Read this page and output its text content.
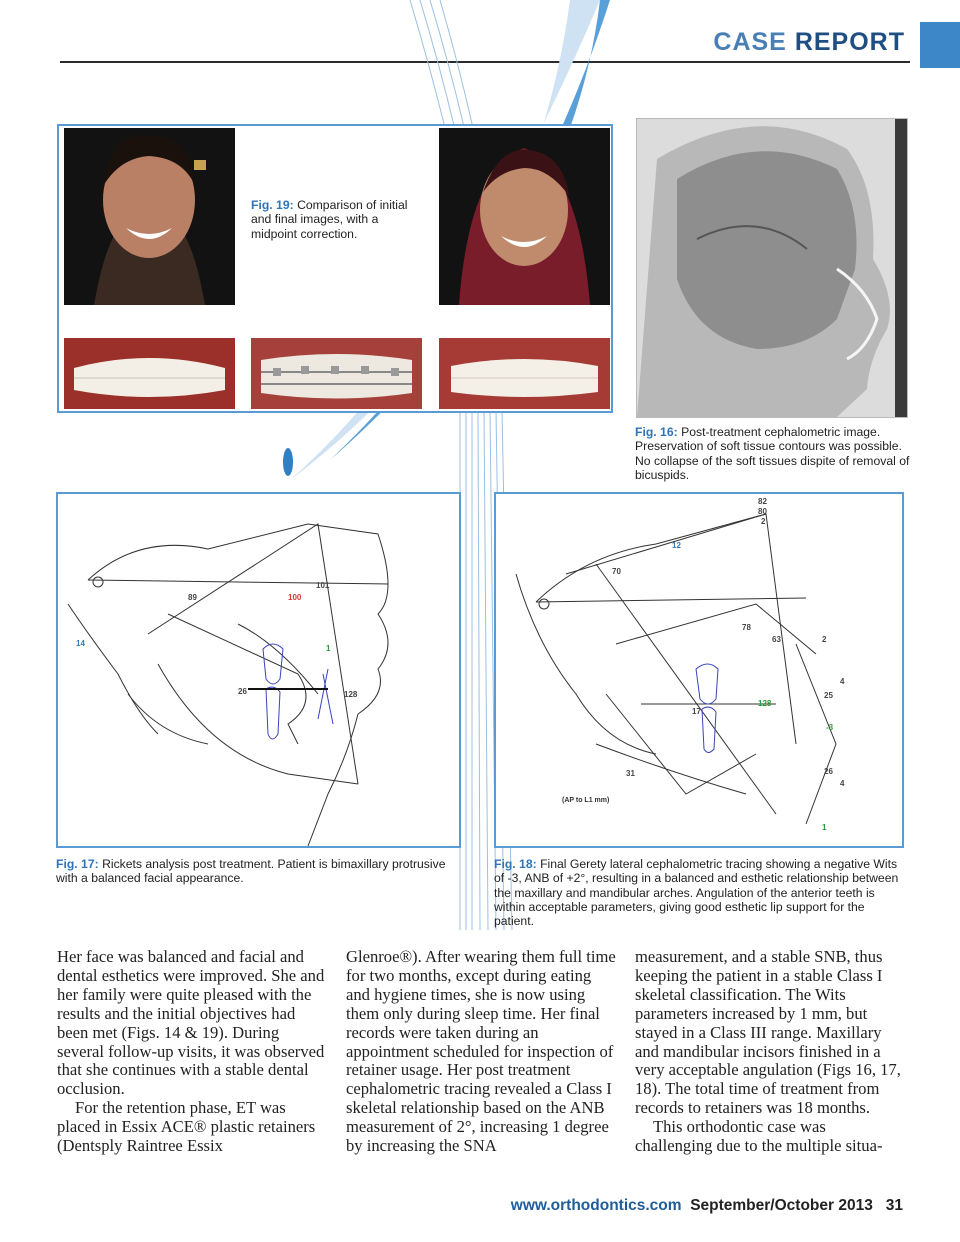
CASE REPORT
Fig. 19: Comparison of initial and final images, with a midpoint correction.
Fig. 16: Post-treatment cephalometric image. Preservation of soft tissue contours was possible. No collapse of the soft tissues dispite of removal of bicuspids.
89	100
101
14
26	128
1
Fig. 17: Rickets analysis post treatment. Patient is bimaxillary protrusive with a balanced facial appearance.
82
80
2
12
70
78
63	2
4
25
17
128
-3
26
31
4
1
(AP to L1 mm)
Fig. 18: Final Gerety lateral cephalometric tracing showing a negative Wits of -3, ANB of +2°, resulting in a balanced and esthetic relationship between the maxillary and mandibular arches. Angulation of the anterior teeth is within acceptable parameters, giving good esthetic lip support for the patient.

Her face was balanced and facial and dental esthetics were improved. She and her family were quite pleased with the results and the initial objectives had been met (Figs. 14 & 19). During several follow-up visits, it was observed that she continues with a stable dental occlusion.

For the retention phase, ET was placed in Essix ACE® plastic retainers (Dentsply Raintree Essix

Glenroe®). After wearing them full time for two months, except during eating and hygiene times, she is now using them only during sleep time. Her final records were taken during an appointment scheduled for inspection of retainer usage. Her post treatment cephalometric tracing revealed a Class I skeletal relationship based on the ANB measurement of 2°, increasing 1 degree by increasing the SNA

measurement, and a stable SNB, thus keeping the patient in a stable Class I skeletal classification. The Wits parameters increased by 1 mm, but stayed in a Class III range. Maxillary and mandibular incisors finished in a very acceptable angulation (Figs 16, 17, 18). The total time of treatment from records to retainers was 18 months.

This orthodontic case was challenging due to the multiple situa-

www.orthodontics.com September/October 2013 31
